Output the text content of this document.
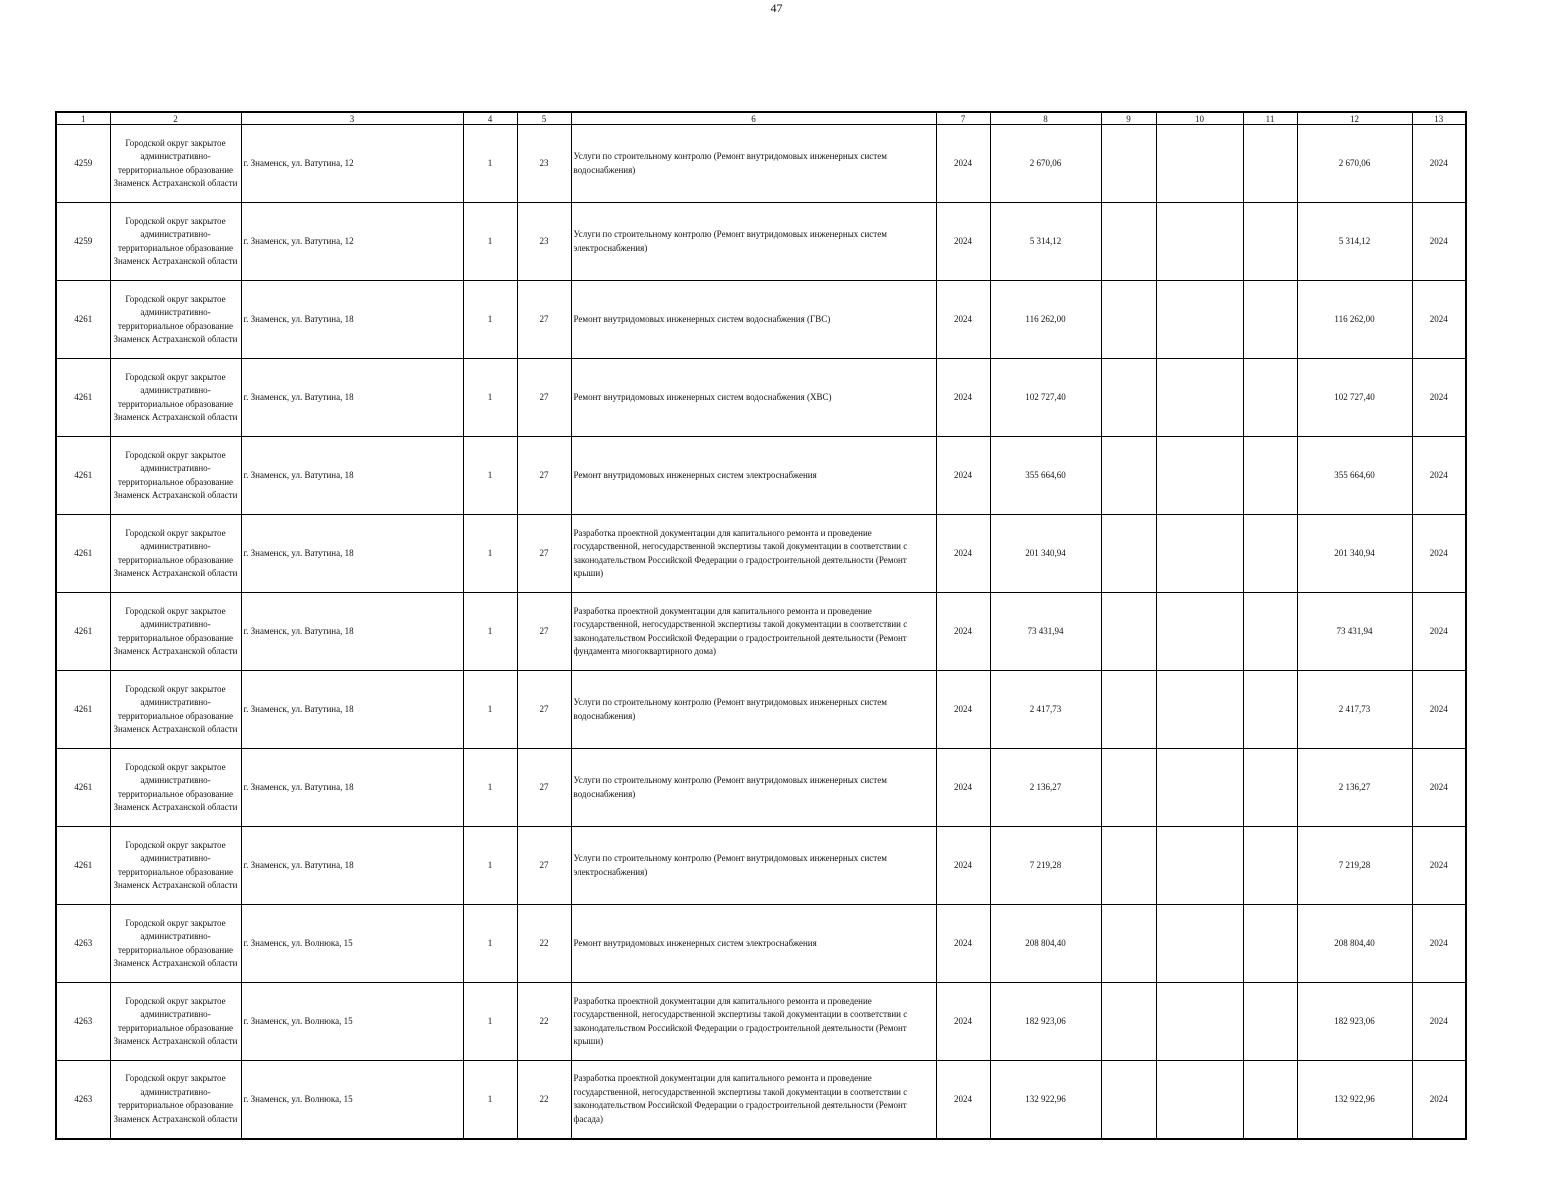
47
1	2	3	4	5	6	7	8	9	10	11	12	13
4259	Городской округ закрытое административно-территориальное образование Знаменск Астраханской области	г. Знаменск, ул. Ватутина, 12	1	23	Услуги по строительному контролю (Ремонт внутридомовых инженерных систем водоснабжения)	2024	2 670,06				2 670,06	2024
4259	Городской округ закрытое административно-территориальное образование Знаменск Астраханской области	г. Знаменск, ул. Ватутина, 12	1	23	Услуги по строительному контролю (Ремонт внутридомовых инженерных систем электроснабжения)	2024	5 314,12				5 314,12	2024
4261	Городской округ закрытое административно-территориальное образование Знаменск Астраханской области	г. Знаменск, ул. Ватутина, 18	1	27	Ремонт внутридомовых инженерных систем водоснабжения (ГВС)	2024	116 262,00				116 262,00	2024
4261	Городской округ закрытое административно-территориальное образование Знаменск Астраханской области	г. Знаменск, ул. Ватутина, 18	1	27	Ремонт внутридомовых инженерных систем водоснабжения (ХВС)	2024	102 727,40				102 727,40	2024
4261	Городской округ закрытое административно-территориальное образование Знаменск Астраханской области	г. Знаменск, ул. Ватутина, 18	1	27	Ремонт внутридомовых инженерных систем электроснабжения	2024	355 664,60				355 664,60	2024
4261	Городской округ закрытое административно-территориальное образование Знаменск Астраханской области	г. Знаменск, ул. Ватутина, 18	1	27	Разработка проектной документации для капитального ремонта и проведение государственной, негосударственной экспертизы такой документации в соответствии с законодательством Российской Федерации о градостроительной деятельности (Ремонт крыши)	2024	201 340,94				201 340,94	2024
4261	Городской округ закрытое административно-территориальное образование Знаменск Астраханской области	г. Знаменск, ул. Ватутина, 18	1	27	Разработка проектной документации для капитального ремонта и проведение государственной, негосударственной экспертизы такой документации в соответствии с законодательством Российской Федерации о градостроительной деятельности (Ремонт фундамента многоквартирного дома)	2024	73 431,94				73 431,94	2024
4261	Городской округ закрытое административно-территориальное образование Знаменск Астраханской области	г. Знаменск, ул. Ватутина, 18	1	27	Услуги по строительному контролю (Ремонт внутридомовых инженерных систем водоснабжения)	2024	2 417,73				2 417,73	2024
4261	Городской округ закрытое административно-территориальное образование Знаменск Астраханской области	г. Знаменск, ул. Ватутина, 18	1	27	Услуги по строительному контролю (Ремонт внутридомовых инженерных систем водоснабжения)	2024	2 136,27				2 136,27	2024
4261	Городской округ закрытое административно-территориальное образование Знаменск Астраханской области	г. Знаменск, ул. Ватутина, 18	1	27	Услуги по строительному контролю (Ремонт внутридомовых инженерных систем электроснабжения)	2024	7 219,28				7 219,28	2024
4263	Городской округ закрытое административно-территориальное образование Знаменск Астраханской области	г. Знаменск, ул. Волнюка, 15	1	22	Ремонт внутридомовых инженерных систем электроснабжения	2024	208 804,40				208 804,40	2024
4263	Городской округ закрытое административно-территориальное образование Знаменск Астраханской области	г. Знаменск, ул. Волнюка, 15	1	22	Разработка проектной документации для капитального ремонта и проведение государственной, негосударственной экспертизы такой документации в соответствии с законодательством Российской Федерации о градостроительной деятельности (Ремонт крыши)	2024	182 923,06				182 923,06	2024
4263	Городской округ закрытое административно-территориальное образование Знаменск Астраханской области	г. Знаменск, ул. Волнюка, 15	1	22	Разработка проектной документации для капитального ремонта и проведение государственной, негосударственной экспертизы такой документации в соответствии с законодательством Российской Федерации о градостроительной деятельности (Ремонт фасада)	2024	132 922,96				132 922,96	2024
